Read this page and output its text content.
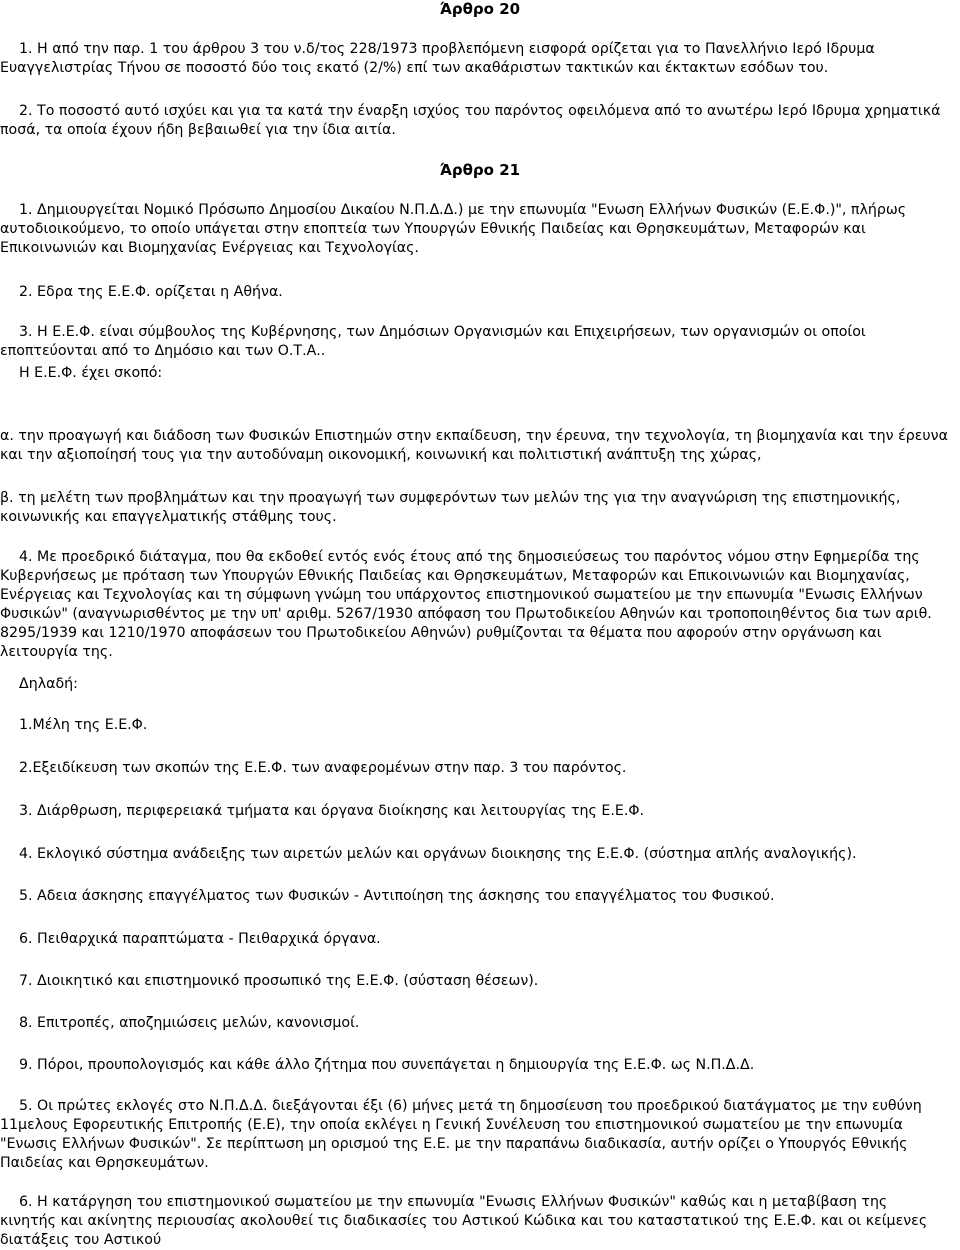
Άρθρο 20
1. Η από την παρ. 1 του άρθρου 3 του ν.δ/τος 228/1973 προβλεπόμενη εισφορά ορίζεται για το Πανελλήνιο Ιερό Ιδρυμα Ευαγγελιστρίας Τήνου σε ποσοστό δύο τοις εκατό (2/%) επί των ακαθάριστων τακτικών και έκτακτων εσόδων του.
2. Το ποσοστό αυτό ισχύει και για τα κατά την έναρξη ισχύος του παρόντος οφειλόμενα από το ανωτέρω Ιερό Ιδρυμα χρηματικά ποσά, τα οποία έχουν ήδη βεβαιωθεί για την ίδια αιτία.
Άρθρο 21
1. Δημιουργείται Νομικό Πρόσωπο Δημοσίου Δικαίου Ν.Π.Δ.Δ.) με την επωνυμία "Ενωση Ελλήνων Φυσικών (Ε.Ε.Φ.)", πλήρως αυτοδιοικούμενο, το οποίο υπάγεται στην εποπτεία των Υπουργών Εθνικής Παιδείας και Θρησκευμάτων, Μεταφορών και Επικοινωνιών και Βιομηχανίας Ενέργειας και Τεχνολογίας.
2. Εδρα της Ε.Ε.Φ. ορίζεται η Αθήνα.
3. Η Ε.Ε.Φ. είναι σύμβουλος της Κυβέρνησης, των Δημόσιων Οργανισμών και Επιχειρήσεων, των οργανισμών οι οποίοι εποπτεύονται από το Δημόσιο και των Ο.Τ.Α..
Η Ε.Ε.Φ. έχει σκοπό:
α. την προαγωγή και διάδοση των Φυσικών Επιστημών στην εκπαίδευση, την έρευνα, την τεχνολογία, τη βιομηχανία και την έρευνα και την αξιοποίησή τους για την αυτοδύναμη οικονομική, κοινωνική και πολιτιστική ανάπτυξη της χώρας,
β. τη μελέτη των προβλημάτων και την προαγωγή των συμφερόντων των μελών της για την αναγνώριση της επιστημονικής, κοινωνικής και επαγγελματικής στάθμης τους.
4. Με προεδρικό διάταγμα, που θα εκδοθεί εντός ενός έτους από της δημοσιεύσεως του παρόντος νόμου στην Εφημερίδα της Κυβερνήσεως με πρόταση των Υπουργών Εθνικής Παιδείας και Θρησκευμάτων, Μεταφορών και Επικοινωνιών και Βιομηχανίας, Ενέργειας και Τεχνολογίας και τη σύμφωνη γνώμη του υπάρχοντος επιστημονικού σωματείου με την επωνυμία "Ενωσις Ελλήνων Φυσικών" (αναγνωρισθέντος με την υπ' αριθμ. 5267/1930 απόφαση του Πρωτοδικείου Αθηνών και τροποποιηθέντος δια των αριθ. 8295/1939 και 1210/1970 αποφάσεων του Πρωτοδικείου Αθηνών) ρυθμίζονται τα θέματα που αφορούν στην οργάνωση και λειτουργία της.
Δηλαδή:
1.Μέλη της Ε.Ε.Φ.
2.Εξειδίκευση των σκοπών της Ε.Ε.Φ. των αναφερομένων στην παρ. 3 του παρόντος.
3. Διάρθρωση, περιφερειακά τμήματα και όργανα διοίκησης και λειτουργίας της Ε.Ε.Φ.
4. Εκλογικό σύστημα ανάδειξης των αιρετών μελών και οργάνων διοικησης της Ε.Ε.Φ. (σύστημα απλής αναλογικής).
5. Αδεια άσκησης επαγγέλματος των Φυσικών - Αντιποίηση της άσκησης του επαγγέλματος του Φυσικού.
6. Πειθαρχικά παραπτώματα - Πειθαρχικά όργανα.
7. Διοικητικό και επιστημονικό προσωπικό της Ε.Ε.Φ. (σύσταση θέσεων).
8. Επιτροπές, αποζημιώσεις μελών, κανονισμοί.
9. Πόροι, προυπολογισμός και κάθε άλλο ζήτημα που συνεπάγεται η δημιουργία της Ε.Ε.Φ. ως Ν.Π.Δ.Δ.
5. Οι πρώτες εκλογές στο Ν.Π.Δ.Δ. διεξάγονται έξι (6) μήνες μετά τη δημοσίευση του προεδρικού διατάγματος με την ευθύνη 11μελους Εφορευτικής Επιτροπής (Ε.Ε), την οποία εκλέγει η Γενική Συνέλευση του επιστημονικού σωματείου με την επωνυμία "Ενωσις Ελλήνων Φυσικών". Σε περίπτωση μη ορισμού της Ε.Ε. με την παραπάνω διαδικασία, αυτήν ορίζει ο Υπουργός Εθνικής Παιδείας και Θρησκευμάτων.
6. Η κατάργηση του επιστημονικού σωματείου με την επωνυμία "Ενωσις Ελλήνων Φυσικών" καθώς και η μεταβίβαση της κινητής και ακίνητης περιουσίας ακολουθεί τις διαδικασίες του Αστικού Κώδικα και του καταστατικού της Ε.Ε.Φ. και οι κείμενες διατάξεις του Αστικού
